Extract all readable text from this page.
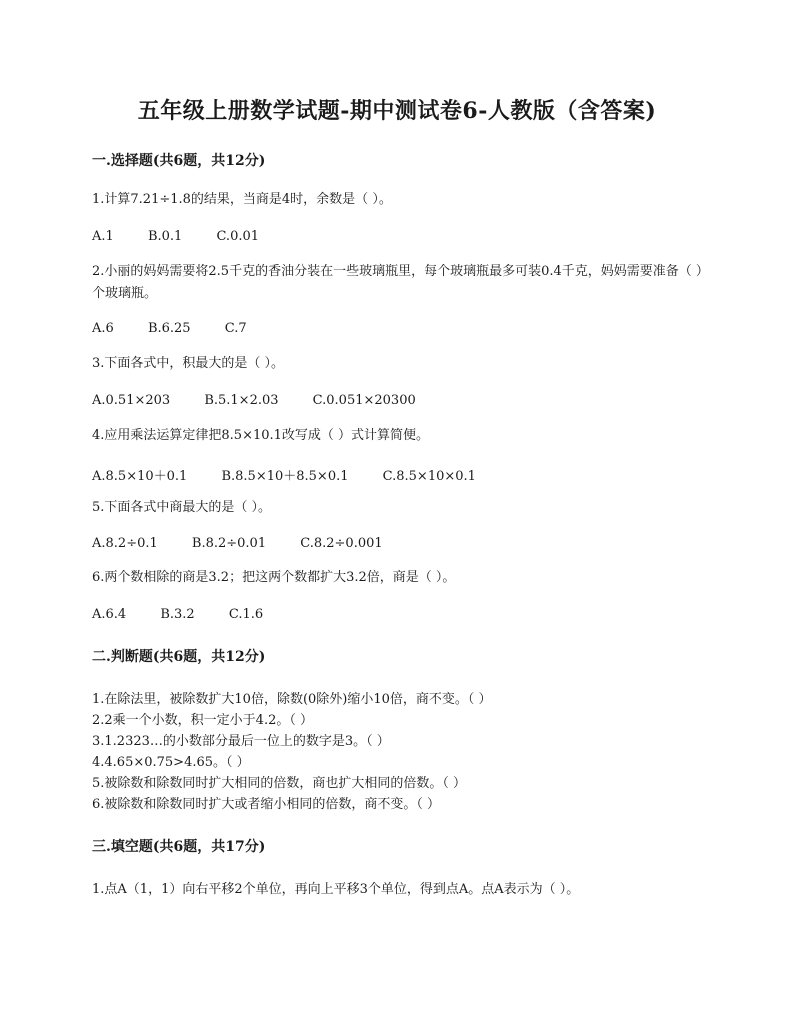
五年级上册数学试题-期中测试卷6-人教版（含答案)
一.选择题(共6题，共12分)
1.计算7.21÷1.8的结果，当商是4时，余数是（ ）。
A.1	B.0.1	C.0.01
2.小丽的妈妈需要将2.5千克的香油分装在一些玻璃瓶里，每个玻璃瓶最多可装0.4千克，妈妈需要准备（ ）个玻璃瓶。
A.6	B.6.25	C.7
3.下面各式中，积最大的是（ ）。
A.0.51×203	B.5.1×2.03	C.0.051×20300
4.应用乘法运算定律把8.5×10.1改写成（ ）式计算简便。
A.8.5×10＋0.1	B.8.5×10＋8.5×0.1	C.8.5×10×0.1
5.下面各式中商最大的是（ ）。
A.8.2÷0.1	B.8.2÷0.01	C.8.2÷0.001
6.两个数相除的商是3.2；把这两个数都扩大3.2倍，商是（ ）。
A.6.4	B.3.2	C.1.6
二.判断题(共6题，共12分)
1.在除法里，被除数扩大10倍，除数(0除外)缩小10倍，商不变。（ ）
2.2乘一个小数，积一定小于4.2。（ ）
3.1.2323…的小数部分最后一位上的数字是3。（ ）
4.4.65×0.75>4.65。（ ）
5.被除数和除数同时扩大相同的倍数，商也扩大相同的倍数。（ ）
6.被除数和除数同时扩大或者缩小相同的倍数，商不变。（ ）
三.填空题(共6题，共17分)
1.点A（1，1）向右平移2个单位，再向上平移3个单位，得到点A。点A表示为（ ）。
